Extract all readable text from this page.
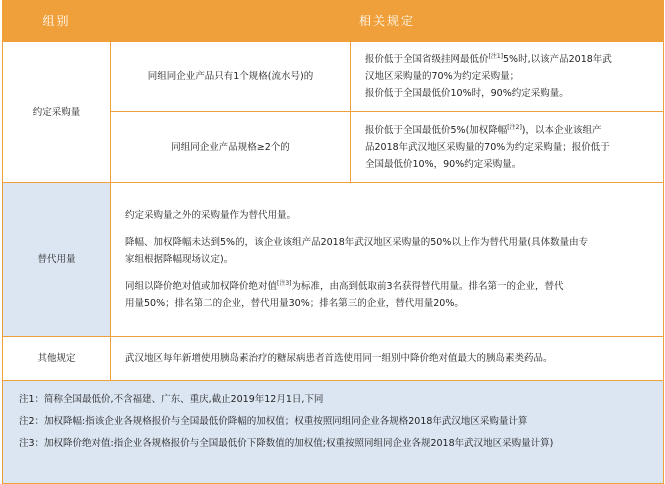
组别	相关规定	
约定采购量	同组同企业产品只有1个规格(流水号)的	报价低于全国省级挂网最低价[注1]5%时,以该产品2018年武
汉地区采购量的70%为约定采购量；
报价低于全国最低价10%时，90%约定采购量。

	同组同企业产品规格≥2个的	报价低于全国最低价5%(加权降幅[注2])，以本企业该组产
品2018年武汉地区采购量的70%为约定采购量；报价低于
全国最低价10%，90%约定采购量。

替代用量	约定采购量之外的采购量作为替代用量。

降幅、加权降幅未达到5%的，该企业该组产品2018年武汉地区采购量的50%以上作为替代用量(具体数量由专
家组根据降幅现场议定)。

同组以降价绝对值或加权降价绝对值[注3]为标准，由高到低取前3名获得替代用量。排名第一的企业，替代
用量50%；排名第二的企业，替代用量30%；排名第三的企业，替代用量20%。	

其他规定	武汉地区每年新增使用胰岛素治疗的糖尿病患者首选使用同一组别中降价绝对值最大的胰岛素类药品。	

注1：简称全国最低价,不含福建、广东、重庆,截止2019年12月1日,下同

注2：加权降幅:指该企业各规格报价与全国最低价降幅的加权值；权重按照同组同企业各规格2018年武汉地区采购量计算

注3：加权降价绝对值:指企业各规格报价与全国最低价下降数值的加权值;权重按照同组同企业各规2018年武汉地区采购量计算)		
